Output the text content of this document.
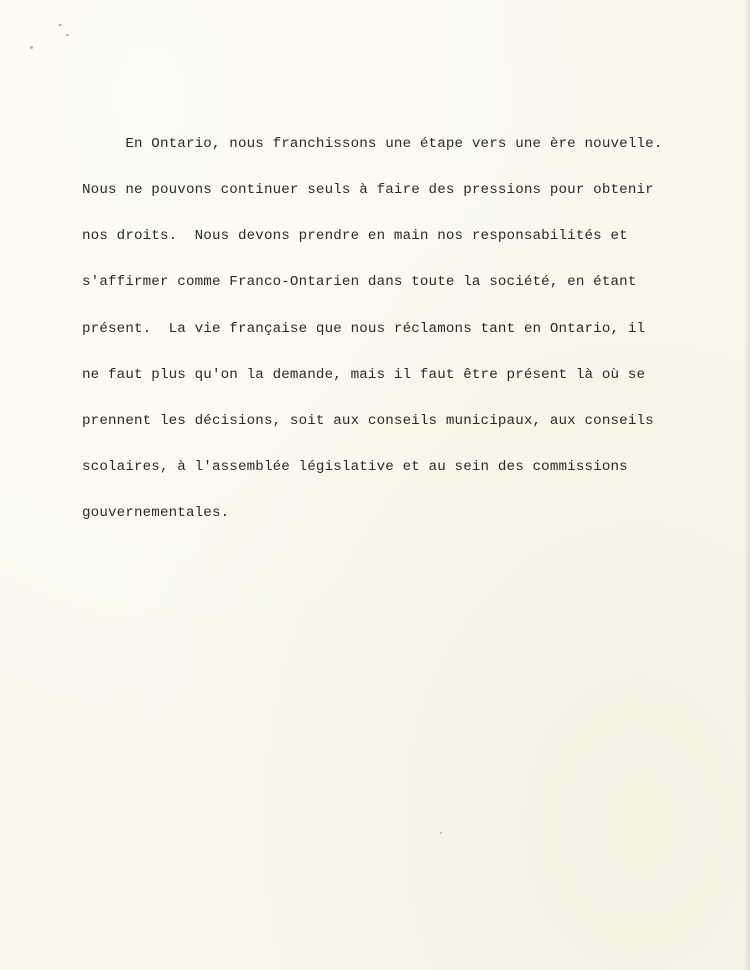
En Ontario, nous franchissons une étape vers une ère nouvelle.

Nous ne pouvons continuer seuls à faire des pressions pour obtenir

nos droits.  Nous devons prendre en main nos responsabilités et

s'affirmer comme Franco-Ontarien dans toute la société, en étant

présent.  La vie française que nous réclamons tant en Ontario, il

ne faut plus qu'on la demande, mais il faut être présent là où se

prennent les décisions, soit aux conseils municipaux, aux conseils

scolaires, à l'assemblée législative et au sein des commissions

gouvernementales.
